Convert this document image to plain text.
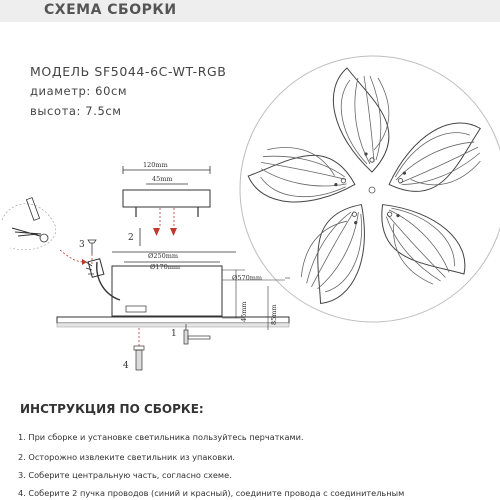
СХЕМА СБОРКИ
МОДЕЛЬ SF5044-6C-WT-RGB
диаметр: 60см
высота: 7.5см
120mm
45mm
2
Ø250mm
Ø170mm
Ø570mm
45mm	85mm
3
4
1
ИНСТРУКЦИЯ ПО СБОРКЕ:
1. При сборке и установке светильника пользуйтесь перчатками.
2. Осторожно извлеките светильник из упаковки.
3. Соберите центральную часть, согласно схеме.
4. Соберите 2 пучка проводов (синий и красный), соедините провода с соединительным
